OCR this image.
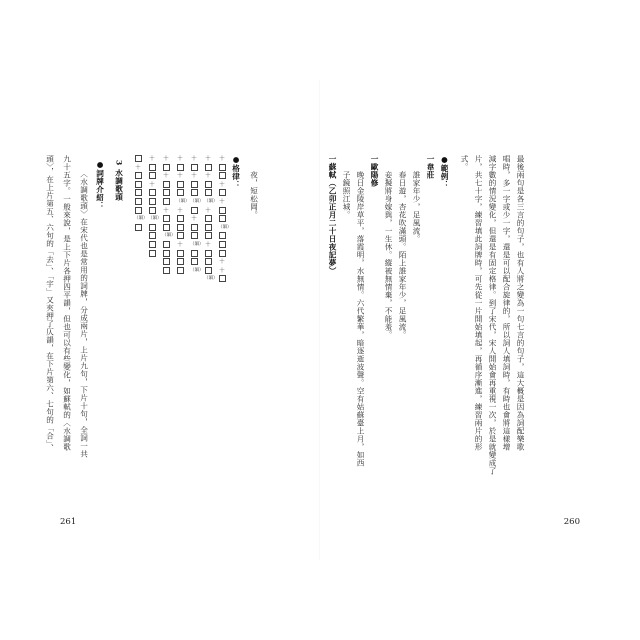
最後兩句是各三言的句子，也有人將之變為一句七言的句子，這大概是因為詞配樂歌
唱時，多一字或少一字，還是可以配合旋律的，所以詞人填詞時，有時也會將這樣增
減字數的情況變化，但還是有固定格律。到了宋代，宋人開始會再重視一次，於是就變成了
片，共七十字，練習填此詞牌時，可先從一片開始填起，再循序漸進，練習兩片的形
式。
●範例：
一韋莊
　　誰家年少，足風流。
　　春日遊，杏花吹滿頭。陌上誰家年少，足風流。
　　妾擬將身嫁與，一生休。縱被無情棄，不能羞。
一歐陽修
　　晚日金陵岸草平，落霞明，水無情。六代繁華，暗逐逝波聲。空有姑蘇臺上月，如西
　　子鏡照江城。
一蘇軾（乙卯正月二十日夜記夢）
　　夜，短松岡。
●格律：
＋
＋
＋
（韻）
＋
＋
＋
＋
（韻）
＋
＋
（韻）
＋
＋
（韻）
＋
（韻）
（韻）
＋
＋
（韻）
＋
＋
＋
＋
＋
（韻）
＋
＋
（韻）
＋
（韻）
3 水調歌頭
●詞牌介紹：
〈水調歌頭〉在宋代也是常用的詞牌，分成兩片，上片九句，下片十句，全詞一共
九十五字。一般來說，是上下片各押四平韻，但也可以有些變化，如蘇軾的〈水調歌
頭〉，在上片第五、六句的「去」、「宇」又夾押了仄韻，在下片第六、七句的「合」、
261	260
